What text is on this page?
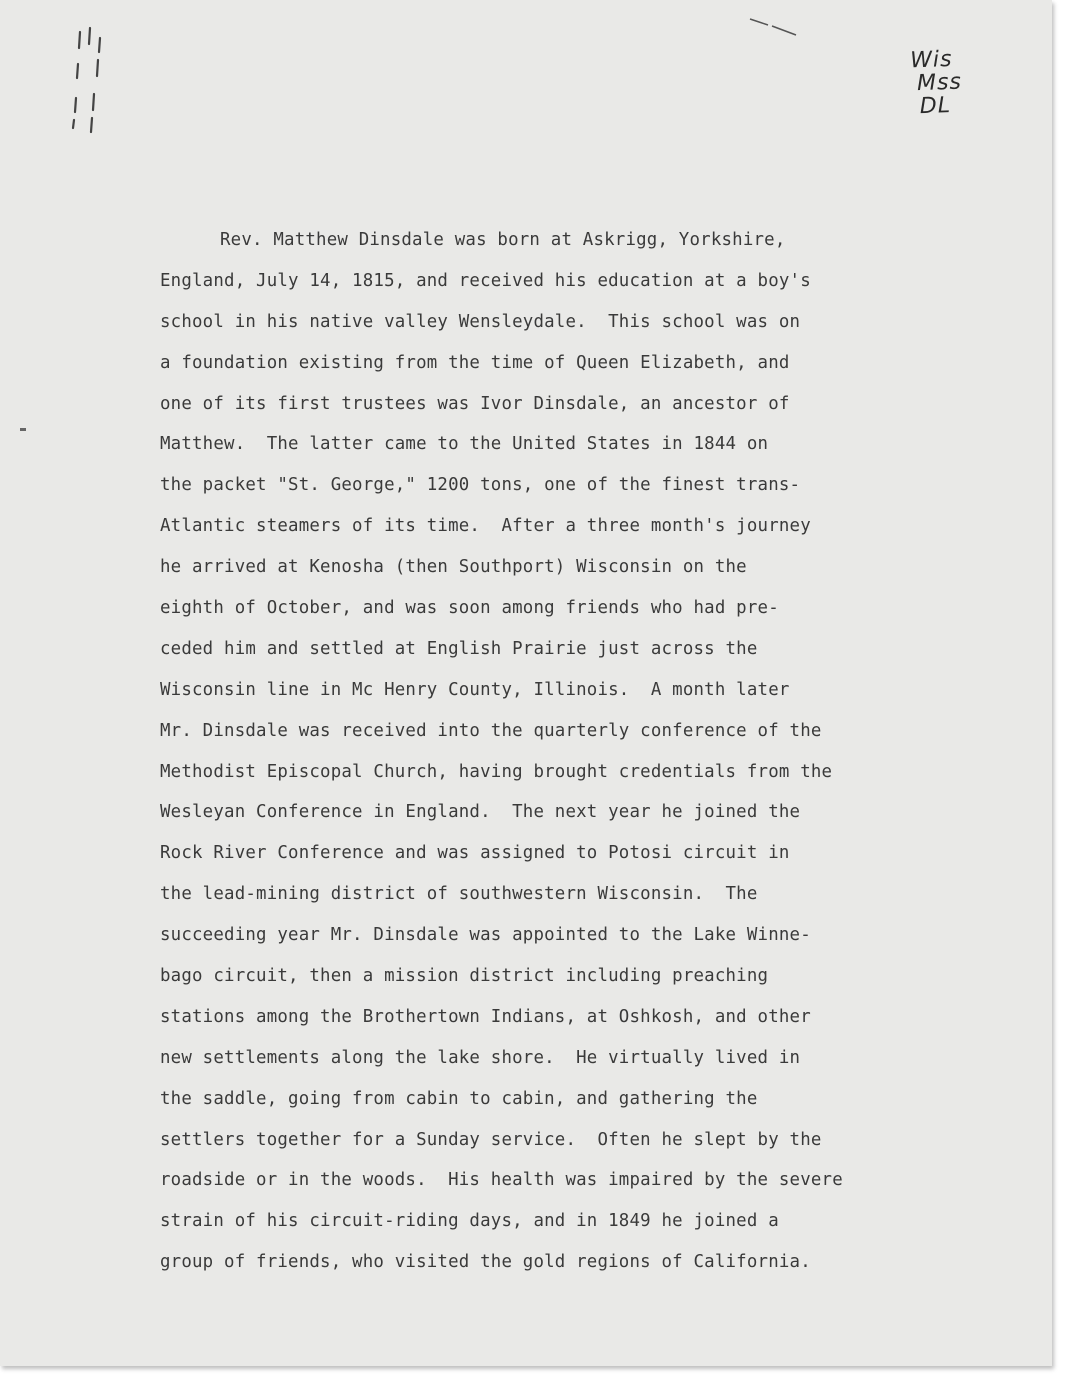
Wis
Mss
DL
Rev. Matthew Dinsdale was born at Askrigg, Yorkshire,
England, July 14, 1815, and received his education at a boy's
school in his native valley Wensleydale.  This school was on
a foundation existing from the time of Queen Elizabeth, and
one of its first trustees was Ivor Dinsdale, an ancestor of
Matthew.  The latter came to the United States in 1844 on
the packet "St. George," 1200 tons, one of the finest trans-
Atlantic steamers of its time.  After a three month's journey
he arrived at Kenosha (then Southport) Wisconsin on the
eighth of October, and was soon among friends who had pre-
ceded him and settled at English Prairie just across the
Wisconsin line in Mc Henry County, Illinois.  A month later
Mr. Dinsdale was received into the quarterly conference of the
Methodist Episcopal Church, having brought credentials from the
Wesleyan Conference in England.  The next year he joined the
Rock River Conference and was assigned to Potosi circuit in
the lead-mining district of southwestern Wisconsin.  The
succeeding year Mr. Dinsdale was appointed to the Lake Winne-
bago circuit, then a mission district including preaching
stations among the Brothertown Indians, at Oshkosh, and other
new settlements along the lake shore.  He virtually lived in
the saddle, going from cabin to cabin, and gathering the
settlers together for a Sunday service.  Often he slept by the
roadside or in the woods.  His health was impaired by the severe
strain of his circuit-riding days, and in 1849 he joined a
group of friends, who visited the gold regions of California.
